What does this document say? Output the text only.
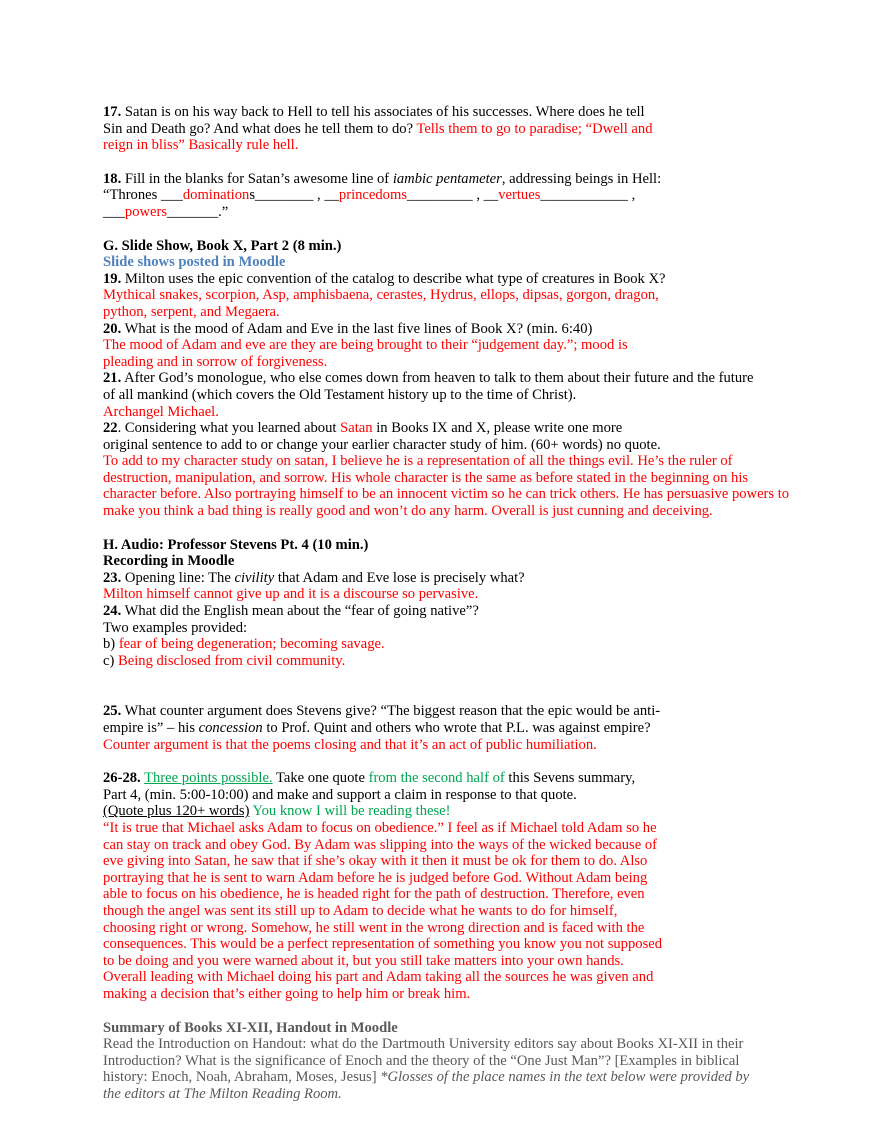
17. Satan is on his way back to Hell to tell his associates of his successes. Where does he tell

Sin and Death go? And what does he tell them to do? Tells them to go to paradise; “Dwell and

reign in bliss” Basically rule hell.

18. Fill in the blanks for Satan’s awesome line of iambic pentameter, addressing beings in Hell:

“Thrones ___dominations________ , __princedoms_________ , __vertues____________ ,

___powers_______.”

G. Slide Show, Book X, Part 2 (8 min.)

Slide shows posted in Moodle

19. Milton uses the epic convention of the catalog to describe what type of creatures in Book X?

Mythical snakes, scorpion, Asp, amphisbaena, cerastes, Hydrus, ellops, dipsas, gorgon, dragon,

python, serpent, and Megaera.

20. What is the mood of Adam and Eve in the last five lines of Book X? (min. 6:40)

The mood of Adam and eve are they are being brought to their “judgement day.”; mood is

pleading and in sorrow of forgiveness.

21. After God’s monologue, who else comes down from heaven to talk to them about their future and the future

of all mankind (which covers the Old Testament history up to the time of Christ).

Archangel Michael.

22. Considering what you learned about Satan in Books IX and X, please write one more

original sentence to add to or change your earlier character study of him. (60+ words) no quote.

To add to my character study on satan, I believe he is a representation of all the things evil. He’s the ruler of

destruction, manipulation, and sorrow. His whole character is the same as before stated in the beginning on his

character before. Also portraying himself to be an innocent victim so he can trick others. He has persuasive powers to

make you think a bad thing is really good and won’t do any harm. Overall is just cunning and deceiving.

H. Audio: Professor Stevens Pt. 4 (10 min.)

Recording in Moodle

23. Opening line: The civility that Adam and Eve lose is precisely what?

Milton himself cannot give up and it is a discourse so pervasive.

24. What did the English mean about the “fear of going native”?

Two examples provided:

b) fear of being degeneration; becoming savage.

c) Being disclosed from civil community.

25. What counter argument does Stevens give? “The biggest reason that the epic would be anti-

empire is” – his concession to Prof. Quint and others who wrote that P.L. was against empire?

Counter argument is that the poems closing and that it’s an act of public humiliation.

26-28. Three points possible. Take one quote from the second half of this Sevens summary,

Part 4, (min. 5:00-10:00) and make and support a claim in response to that quote.

(Quote plus 120+ words) You know I will be reading these!

“It is true that Michael asks Adam to focus on obedience.” I feel as if Michael told Adam so he

can stay on track and obey God. By Adam was slipping into the ways of the wicked because of

eve giving into Satan, he saw that if she’s okay with it then it must be ok for them to do. Also

portraying that he is sent to warn Adam before he is judged before God. Without Adam being

able to focus on his obedience, he is headed right for the path of destruction. Therefore, even

though the angel was sent its still up to Adam to decide what he wants to do for himself,

choosing right or wrong. Somehow, he still went in the wrong direction and is faced with the

consequences. This would be a perfect representation of something you know you not supposed

to be doing and you were warned about it, but you still take matters into your own hands.

Overall leading with Michael doing his part and Adam taking all the sources he was given and

making a decision that’s either going to help him or break him.

Summary of Books XI-XII, Handout in Moodle

Read the Introduction on Handout: what do the Dartmouth University editors say about Books XI-XII in their

Introduction? What is the significance of Enoch and the theory of the “One Just Man”? [Examples in biblical

history: Enoch, Noah, Abraham, Moses, Jesus] *Glosses of the place names in the text below were provided by

the editors at The Milton Reading Room.
